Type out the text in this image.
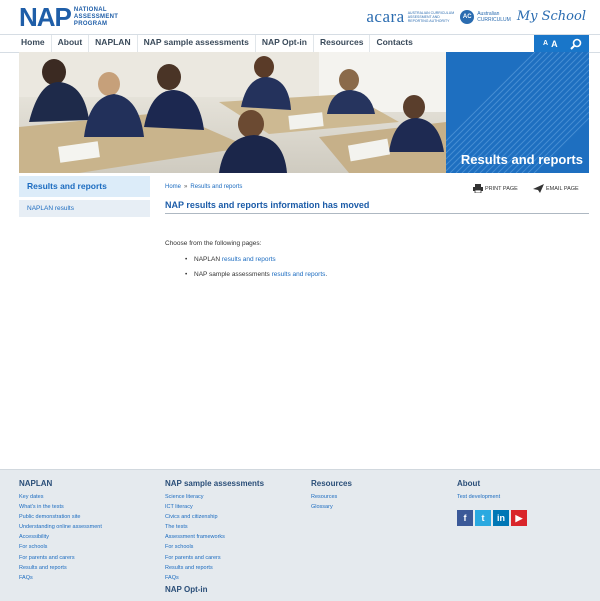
NAP NATIONAL
ASSESSMENT
PROGRAM	acara AUSTRALIAN CURRICULUM
ASSESSMENT AND
REPORTING AUTHORITY
AC	Australian
CURRICULUM My School
Home	About	NAPLAN	NAP sample assessments	NAP Opt-in	Resources	Contacts	A A
Results and reports
Results and reports
NAPLAN results
Home » Results and reports	PRINT PAGE	EMAIL PAGE
NAP results and reports information has moved
Choose from the following pages:
•	NAPLAN results and reports
•	NAP sample assessments results and reports .
NAPLAN
Key dates
What's in the tests
Public demonstration site
Understanding online assessment
Accessibility
For schools
For parents and carers
Results and reports
FAQs
NAP sample assessments
Science literacy
ICT literacy
Civics and citizenship
The tests
Assessment frameworks
For schools
For parents and carers
Results and reports
FAQs
NAP Opt-in
Resources
Resources
Glossary
About
Test development
f	t	in	▶
